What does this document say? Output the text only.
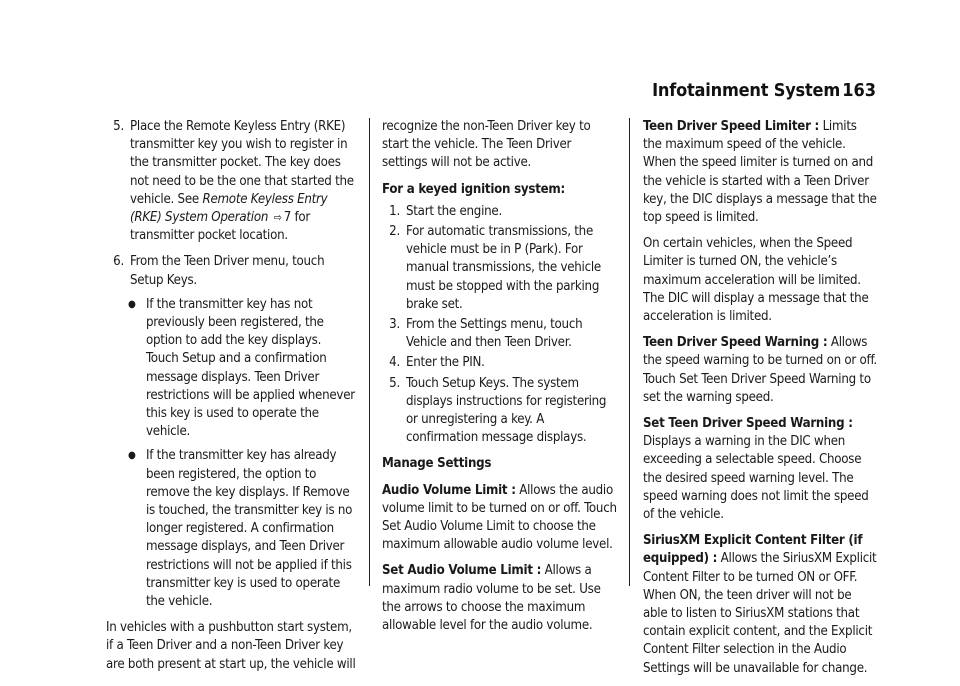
Infotainment System 163
5. Place the Remote Keyless Entry (RKE) transmitter key you wish to register in the transmitter pocket. The key does not need to be the one that started the vehicle. See Remote Keyless Entry (RKE) System Operation ⇨ 7 for transmitter pocket location.
6. From the Teen Driver menu, touch Setup Keys.
● If the transmitter key has not previously been registered, the option to add the key displays. Touch Setup and a confirmation message displays. Teen Driver restrictions will be applied whenever this key is used to operate the vehicle.
● If the transmitter key has already been registered, the option to remove the key displays. If Remove is touched, the transmitter key is no longer registered. A confirmation message displays, and Teen Driver restrictions will not be applied if this transmitter key is used to operate the vehicle.

In vehicles with a pushbutton start system, if a Teen Driver and a non-Teen Driver key are both present at start up, the vehicle will

recognize the non-Teen Driver key to start the vehicle. The Teen Driver settings will not be active.

For a keyed ignition system:

1. Start the engine.
2. For automatic transmissions, the vehicle must be in P (Park). For manual transmissions, the vehicle must be stopped with the parking brake set.
3. From the Settings menu, touch Vehicle and then Teen Driver.
4. Enter the PIN.
5. Touch Setup Keys. The system displays instructions for registering or unregistering a key. A confirmation message displays.

Manage Settings

Audio Volume Limit : Allows the audio volume limit to be turned on or off. Touch Set Audio Volume Limit to choose the maximum allowable audio volume level.

Set Audio Volume Limit : Allows a maximum radio volume to be set. Use the arrows to choose the maximum allowable level for the audio volume.

Teen Driver Speed Limiter : Limits the maximum speed of the vehicle. When the speed limiter is turned on and the vehicle is started with a Teen Driver key, the DIC displays a message that the top speed is limited.

On certain vehicles, when the Speed Limiter is turned ON, the vehicle’s maximum acceleration will be limited. The DIC will display a message that the acceleration is limited.

Teen Driver Speed Warning : Allows the speed warning to be turned on or off. Touch Set Teen Driver Speed Warning to set the warning speed.

Set Teen Driver Speed Warning : Displays a warning in the DIC when exceeding a selectable speed. Choose the desired speed warning level. The speed warning does not limit the speed of the vehicle.

SiriusXM Explicit Content Filter (if equipped) : Allows the SiriusXM Explicit Content Filter to be turned ON or OFF. When ON, the teen driver will not be able to listen to SiriusXM stations that contain explicit content, and the Explicit Content Filter selection in the Audio Settings will be unavailable for change.
